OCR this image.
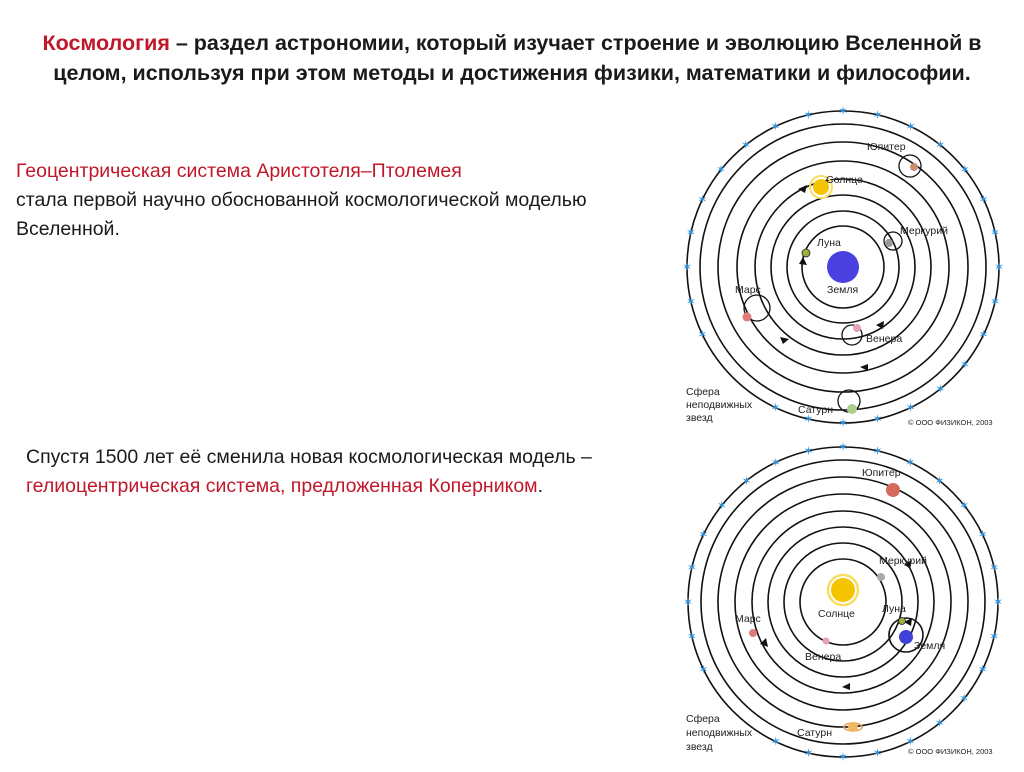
Космология – раздел астрономии, который изучает строение и эволюцию Вселенной в целом, используя при этом методы и достижения физики, математики и философии.
Геоцентрическая система Аристотеля–Птолемея
стала первой научно обоснованной космологической моделью Вселенной.
Спустя 1500 лет её сменила новая космологическая модель – гелиоцентрическая система, предложенная Коперником.
✶
✶
✶
✶
✶
✶
✶
✶
✶
✶
✶
✶
✶
✶
✶
✶
✶
✶
✶ ✶ ✶
✶
✶
✶
✶
✶
Юпитер
Солнце
Меркурий
Луна
Земля
Марс
Венера
Сфера
неподвижных
звезд
Сатурн
© ООО ФИЗИКОН, 2003
✶
✶
✶
✶
✶
✶
✶
✶
✶
✶
✶
✶
✶
✶
✶
✶
✶
✶
✶ ✶ ✶
✶
✶
✶
✶
✶
Юпитер
Меркурий
Солнце	Луна
Земля
Марс
Венера
Сфера
неподвижных
звезд
Сатурн
© ООО ФИЗИКОН, 2003
